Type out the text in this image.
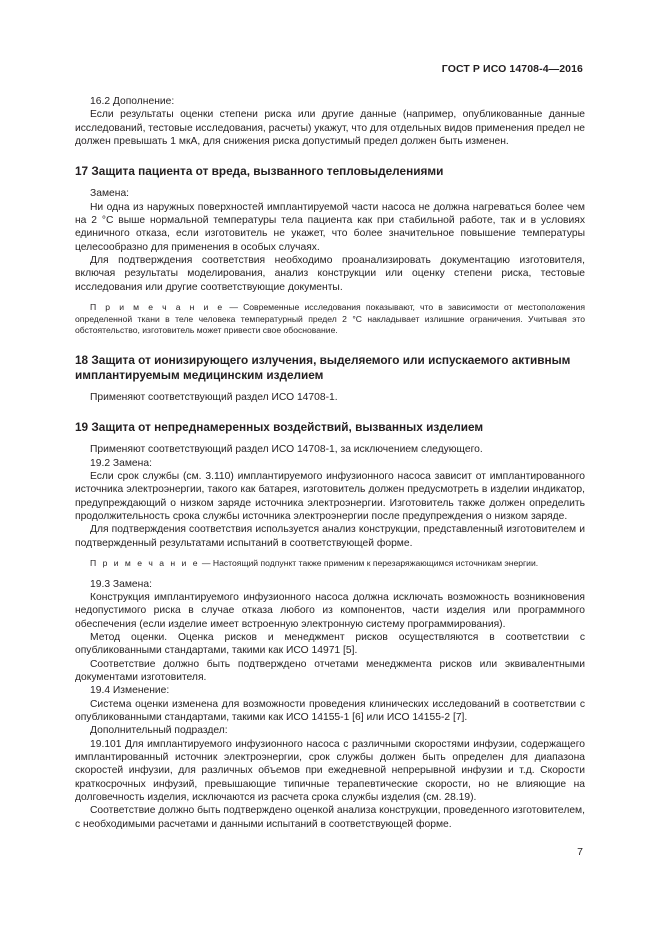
ГОСТ Р ИСО 14708-4—2016

16.2 Дополнение:

Если результаты оценки степени риска или другие данные (например, опубликованные данные исследований, тестовые исследования, расчеты) укажут, что для отдельных видов применения предел не должен превышать 1 мкА, для снижения риска допустимый предел должен быть изменен.

17 Защита пациента от вреда, вызванного тепловыделениями

Замена:

Ни одна из наружных поверхностей имплантируемой части насоса не должна нагреваться более чем на 2 °C выше нормальной температуры тела пациента как при стабильной работе, так и в условиях единичного отказа, если изготовитель не укажет, что более значительное повышение температуры целесообразно для применения в особых случаях.

Для подтверждения соответствия необходимо проанализировать документацию изготовителя, включая результаты моделирования, анализ конструкции или оценку степени риска, тестовые исследования или другие соответствующие документы.

П р и м е ч а н и е — Современные исследования показывают, что в зависимости от местоположения определенной ткани в теле человека температурный предел 2 °C накладывает излишние ограничения. Учитывая это обстоятельство, изготовитель может привести свое обоснование.

18 Защита от ионизирующего излучения, выделяемого или испускаемого активным имплантируемым медицинским изделием

Применяют соответствующий раздел ИСО 14708-1.

19 Защита от непреднамеренных воздействий, вызванных изделием

Применяют соответствующий раздел ИСО 14708-1, за исключением следующего.

19.2 Замена:

Если срок службы (см. 3.110) имплантируемого инфузионного насоса зависит от имплантированного источника электроэнергии, такого как батарея, изготовитель должен предусмотреть в изделии индикатор, предупреждающий о низком заряде источника электроэнергии. Изготовитель также должен определить продолжительность срока службы источника электроэнергии после предупреждения о низком заряде.

Для подтверждения соответствия используется анализ конструкции, представленный изготовителем и подтвержденный результатами испытаний в соответствующей форме.

П р и м е ч а н и е — Настоящий подпункт также применим к перезаряжающимся источникам энергии.

19.3 Замена:

Конструкция имплантируемого инфузионного насоса должна исключать возможность возникновения недопустимого риска в случае отказа любого из компонентов, части изделия или программного обеспечения (если изделие имеет встроенную электронную систему программирования).

Метод оценки. Оценка рисков и менеджмент рисков осуществляются в соответствии с опубликованными стандартами, такими как ИСО 14971 [5].

Соответствие должно быть подтверждено отчетами менеджмента рисков или эквивалентными документами изготовителя.

19.4 Изменение:

Система оценки изменена для возможности проведения клинических исследований в соответствии с опубликованными стандартами, такими как ИСО 14155-1 [6] или ИСО 14155-2 [7].

Дополнительный подраздел:

19.101 Для имплантируемого инфузионного насоса с различными скоростями инфузии, содержащего имплантированный источник электроэнергии, срок службы должен быть определен для диапазона скоростей инфузии, для различных объемов при ежедневной непрерывной инфузии и т.д. Скорости краткосрочных инфузий, превышающие типичные терапевтические скорости, но не влияющие на долговечность изделия, исключаются из расчета срока службы изделия (см. 28.19).

Соответствие должно быть подтверждено оценкой анализа конструкции, проведенного изготовителем, с необходимыми расчетами и данными испытаний в соответствующей форме.

7
